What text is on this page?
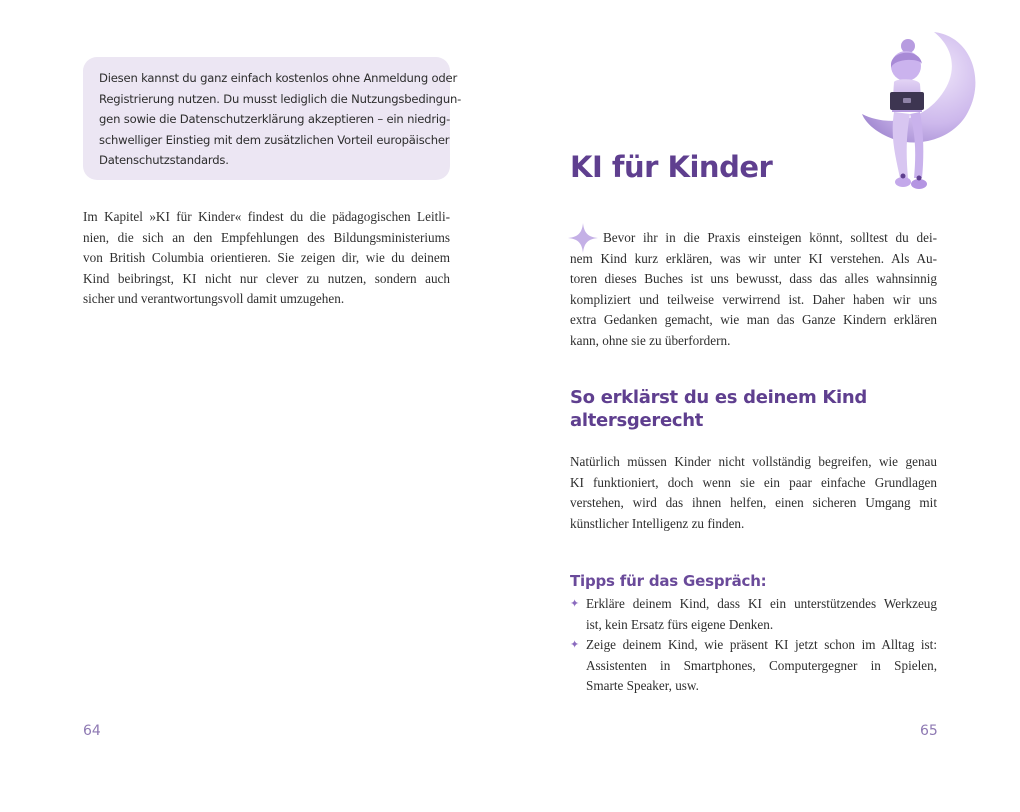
Diesen kannst du ganz einfach kostenlos ohne Anmeldung oder
Registrierung nutzen. Du musst lediglich die Nutzungsbedingun-
gen sowie die Datenschutzerklärung akzeptieren – ein niedrig-
schwelliger Einstieg mit dem zusätzlichen Vorteil europäischer
Datenschutzstandards.
Im Kapitel »KI für Kinder« findest du die pädagogischen Leitli-
nien, die sich an den Empfehlungen des Bildungsministeriums
von British Columbia orientieren. Sie zeigen dir, wie du deinem
Kind beibringst, KI nicht nur clever zu nutzen, sondern auch
sicher und verantwortungsvoll damit umzugehen.
64
KI für Kinder
Bevor ihr in die Praxis einsteigen könnt, solltest du dei-
nem Kind kurz erklären, was wir unter KI verstehen. Als Au-
toren dieses Buches ist uns bewusst, dass das alles wahnsinnig
kompliziert und teilweise verwirrend ist. Daher haben wir uns
extra Gedanken gemacht, wie man das Ganze Kindern erklären
kann, ohne sie zu überfordern.
So erklärst du es deinem Kind
altersgerecht
Natürlich müssen Kinder nicht vollständig begreifen, wie genau
KI funktioniert, doch wenn sie ein paar einfache Grundlagen
verstehen, wird das ihnen helfen, einen sicheren Umgang mit
künstlicher Intelligenz zu finden.
Tipps für das Gespräch:
✦ Erkläre deinem Kind, dass KI ein unterstützendes Werkzeug
ist, kein Ersatz fürs eigene Denken.
✦ Zeige deinem Kind, wie präsent KI jetzt schon im Alltag ist:
Assistenten in Smartphones, Computergegner in Spielen,
Smarte Speaker, usw.
65
